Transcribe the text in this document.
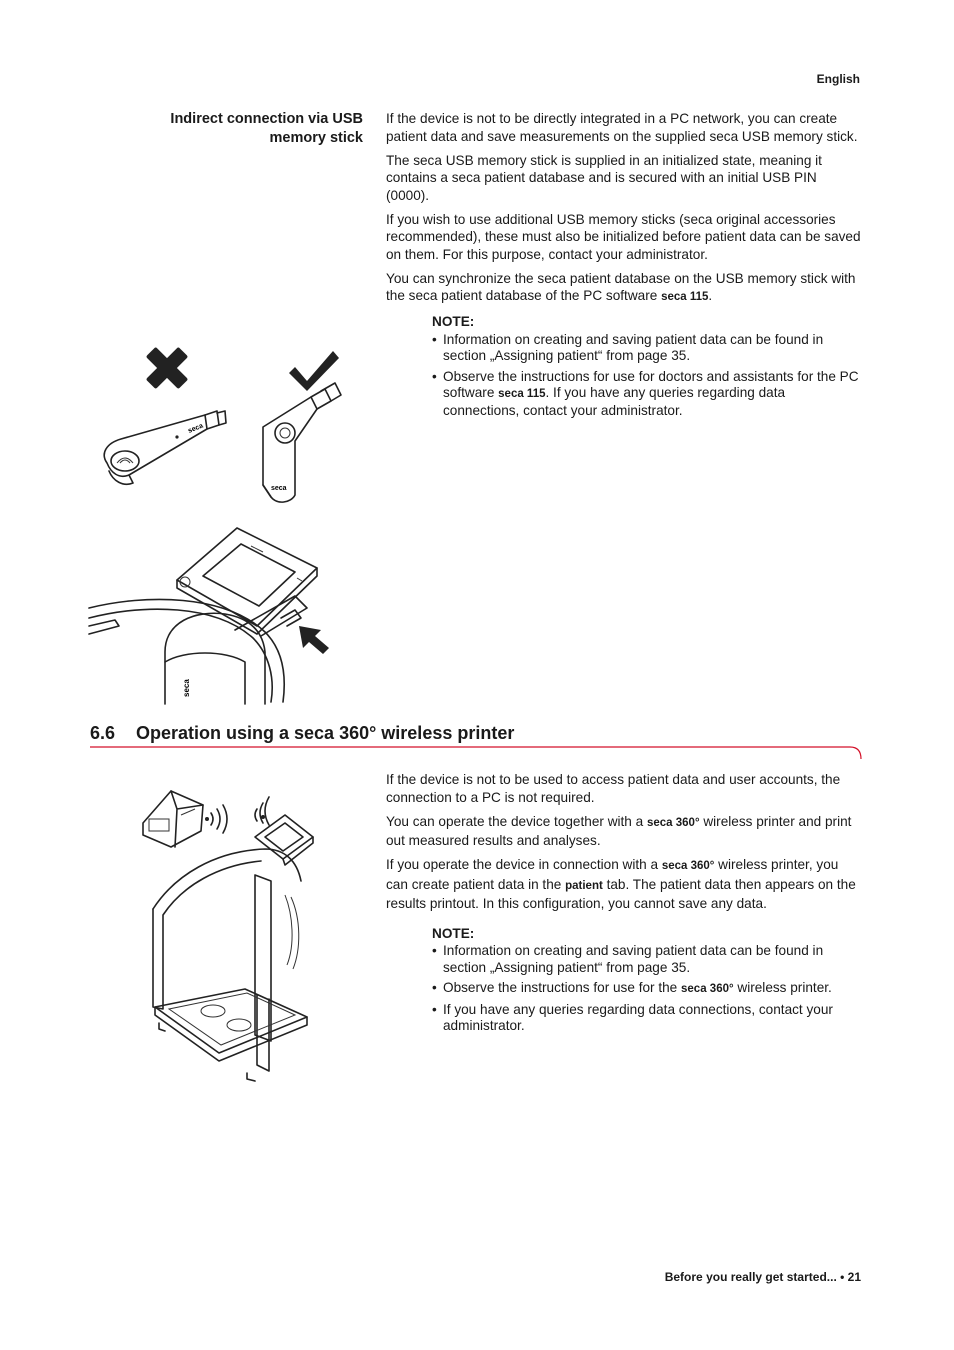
English
Indirect connection via USB
memory stick

If the device is not to be directly integrated in a PC network, you can create patient data and save measurements on the supplied seca USB memory stick.

The seca USB memory stick is supplied in an initialized state, meaning it contains a seca patient database and is secured with an initial USB PIN (0000).

If you wish to use additional USB memory sticks (seca original accessories recommended), these must also be initialized before patient data can be saved on them. For this purpose, contact your administrator.

You can synchronize the seca patient database on the USB memory stick with the seca patient database of the PC software seca 115.

NOTE:
• Information on creating and saving patient data can be found in section „Assigning patient“ from page 35.
• Observe the instructions for use for doctors and assistants for the PC software seca 115. If you have any queries regarding data connections, contact your administrator.
seca
seca
seca
6.6 Operation using a seca 360° wireless printer

If the device is not to be used to access patient data and user accounts, the connection to a PC is not required.

You can operate the device together with a seca 360° wireless printer and print out measured results and analyses.

If you operate the device in connection with a seca 360° wireless printer, you can create patient data in the patient tab. The patient data then appears on the results printout. In this configuration, you cannot save any data.

NOTE:
• Information on creating and saving patient data can be found in section „Assigning patient“ from page 35.
• Observe the instructions for use for the seca 360° wireless printer.
• If you have any queries regarding data connections, contact your administrator.
Before you really get started... • 21
